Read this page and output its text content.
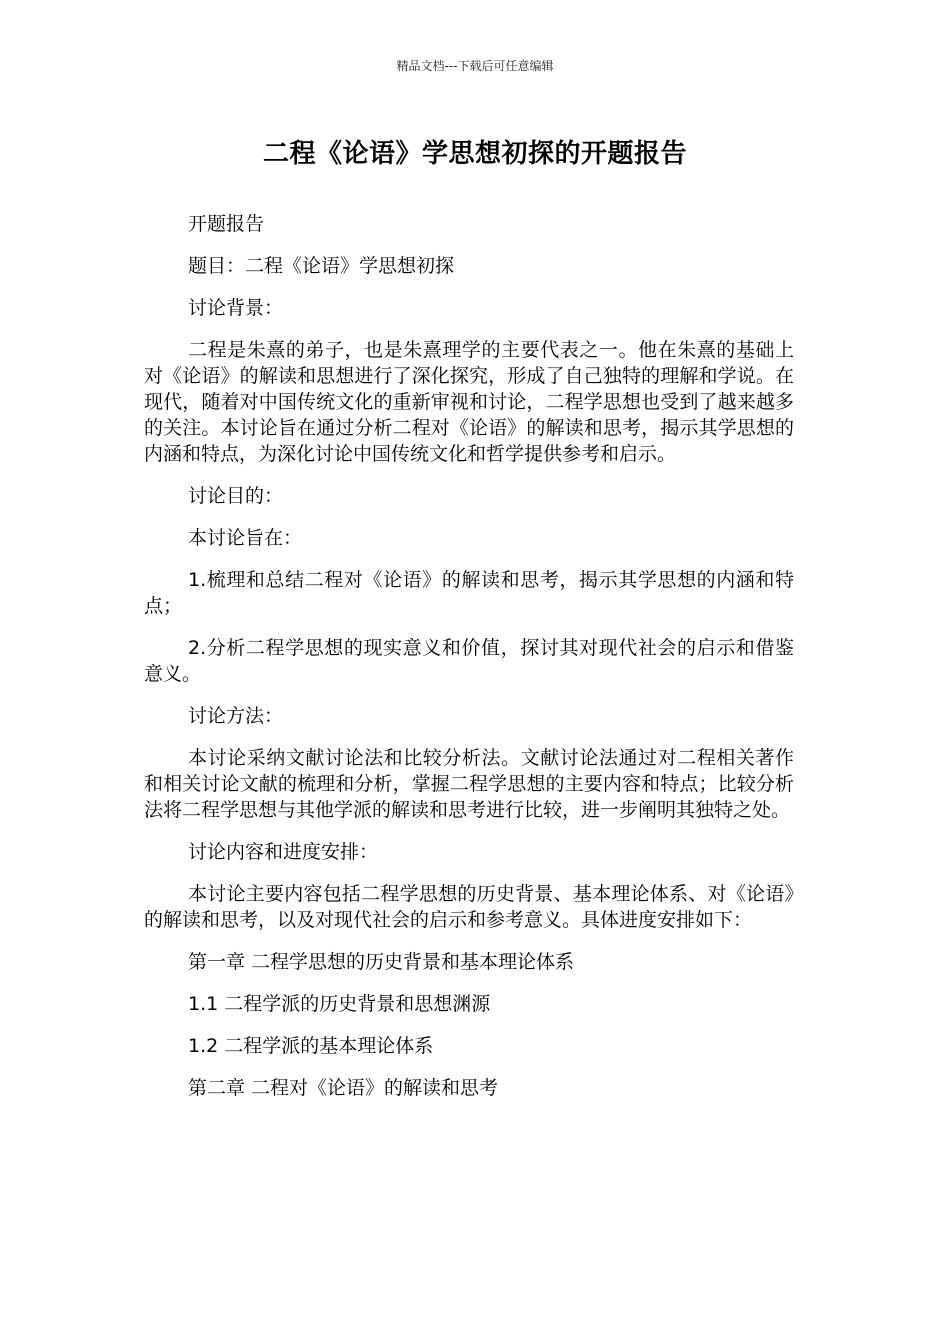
精品文档---下载后可任意编辑
二程《论语》学思想初探的开题报告

开题报告

题目：二程《论语》学思想初探

讨论背景：

二程是朱熹的弟子，也是朱熹理学的主要代表之一。他在朱熹的基础上对《论语》的解读和思想进行了深化探究，形成了自己独特的理解和学说。在现代，随着对中国传统文化的重新审视和讨论，二程学思想也受到了越来越多的关注。本讨论旨在通过分析二程对《论语》的解读和思考，揭示其学思想的内涵和特点，为深化讨论中国传统文化和哲学提供参考和启示。

讨论目的：

本讨论旨在：

1.梳理和总结二程对《论语》的解读和思考，揭示其学思想的内涵和特点；

2.分析二程学思想的现实意义和价值，探讨其对现代社会的启示和借鉴意义。

讨论方法：

本讨论采纳文献讨论法和比较分析法。文献讨论法通过对二程相关著作和相关讨论文献的梳理和分析，掌握二程学思想的主要内容和特点；比较分析法将二程学思想与其他学派的解读和思考进行比较，进一步阐明其独特之处。

讨论内容和进度安排：

本讨论主要内容包括二程学思想的历史背景、基本理论体系、对《论语》的解读和思考，以及对现代社会的启示和参考意义。具体进度安排如下：

第一章 二程学思想的历史背景和基本理论体系

1.1 二程学派的历史背景和思想渊源

1.2 二程学派的基本理论体系

第二章 二程对《论语》的解读和思考
